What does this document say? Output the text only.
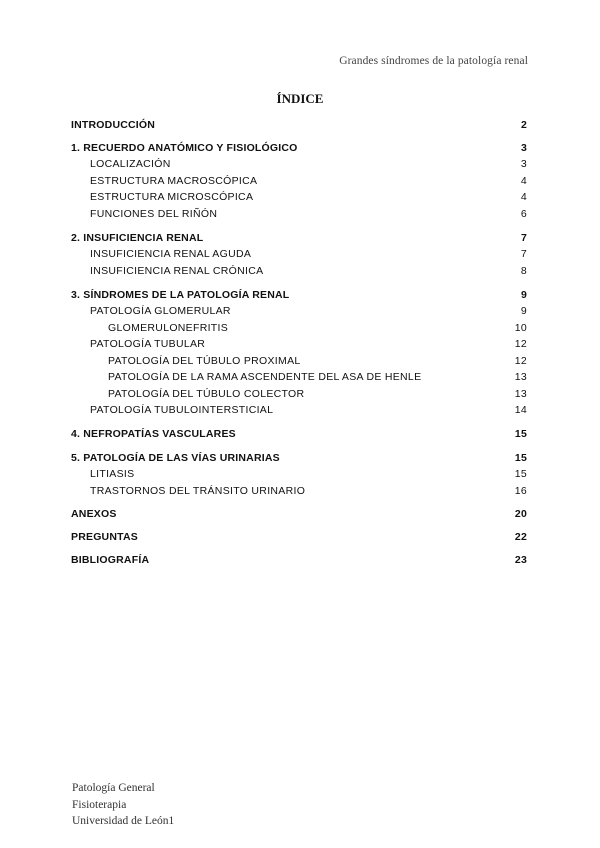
Grandes síndromes de la patología renal
ÍNDICE
INTRODUCCIÓN	2
1. RECUERDO ANATÓMICO Y FISIOLÓGICO	3
LOCALIZACIÓN	3
ESTRUCTURA MACROSCÓPICA	4
ESTRUCTURA MICROSCÓPICA	4
FUNCIONES DEL RIÑÓN	6
2. INSUFICIENCIA RENAL	7
INSUFICIENCIA RENAL AGUDA	7
INSUFICIENCIA RENAL CRÓNICA	8
3. SÍNDROMES DE LA PATOLOGÍA RENAL	9
PATOLOGÍA GLOMERULAR	9
GLOMERULONEFRITIS	10
PATOLOGÍA TUBULAR	12
PATOLOGÍA DEL TÚBULO PROXIMAL	12
PATOLOGÍA DE LA RAMA ASCENDENTE DEL ASA DE HENLE	13
PATOLOGÍA DEL TÚBULO COLECTOR	13
PATOLOGÍA TUBULOINTERSTICIAL	14
4. NEFROPATÍAS VASCULARES	15
5. PATOLOGÍA DE LAS VÍAS URINARIAS	15
LITIASIS	15
TRASTORNOS DEL TRÁNSITO URINARIO	16
ANEXOS	20
PREGUNTAS	22
BIBLIOGRAFÍA	23
Patología General
Fisioterapia
Universidad de León1
